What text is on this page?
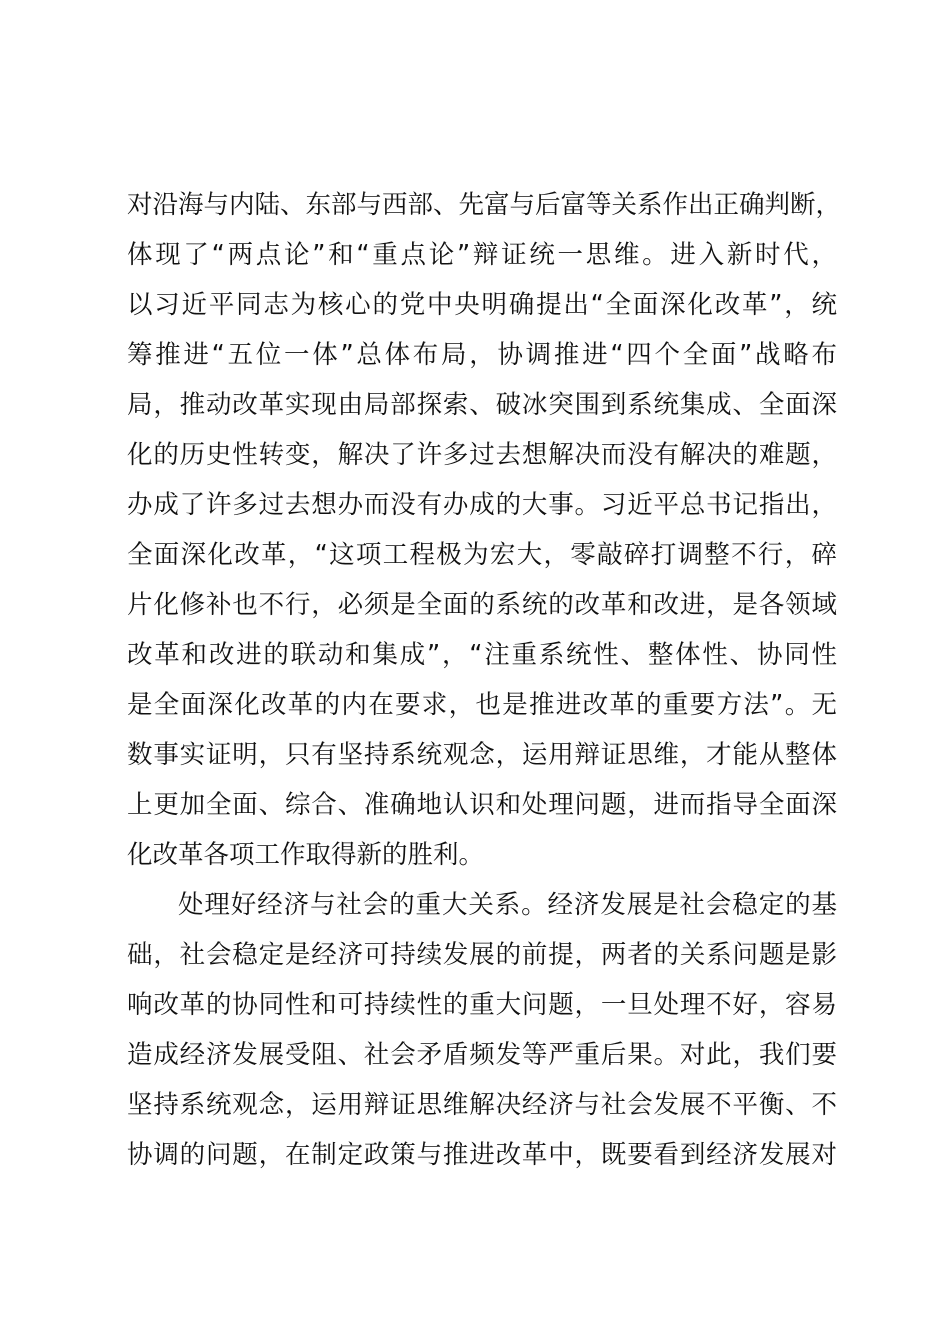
对沿海与内陆、东部与西部、先富与后富等关系作出正确判断，
体现了“两点论”和“重点论”辩证统一思维。进入新时代，
以习近平同志为核心的党中央明确提出“全面深化改革”，统
筹推进“五位一体”总体布局，协调推进“四个全面”战略布
局，推动改革实现由局部探索、破冰突围到系统集成、全面深
化的历史性转变，解决了许多过去想解决而没有解决的难题，
办成了许多过去想办而没有办成的大事。习近平总书记指出，
全面深化改革，“这项工程极为宏大，零敲碎打调整不行，碎
片化修补也不行，必须是全面的系统的改革和改进，是各领域
改革和改进的联动和集成”，“注重系统性、整体性、协同性
是全面深化改革的内在要求，也是推进改革的重要方法”。无
数事实证明，只有坚持系统观念，运用辩证思维，才能从整体
上更加全面、综合、准确地认识和处理问题，进而指导全面深
化改革各项工作取得新的胜利。
处理好经济与社会的重大关系。经济发展是社会稳定的基
础，社会稳定是经济可持续发展的前提，两者的关系问题是影
响改革的协同性和可持续性的重大问题，一旦处理不好，容易
造成经济发展受阻、社会矛盾频发等严重后果。对此，我们要
坚持系统观念，运用辩证思维解决经济与社会发展不平衡、不
协调的问题，在制定政策与推进改革中，既要看到经济发展对
